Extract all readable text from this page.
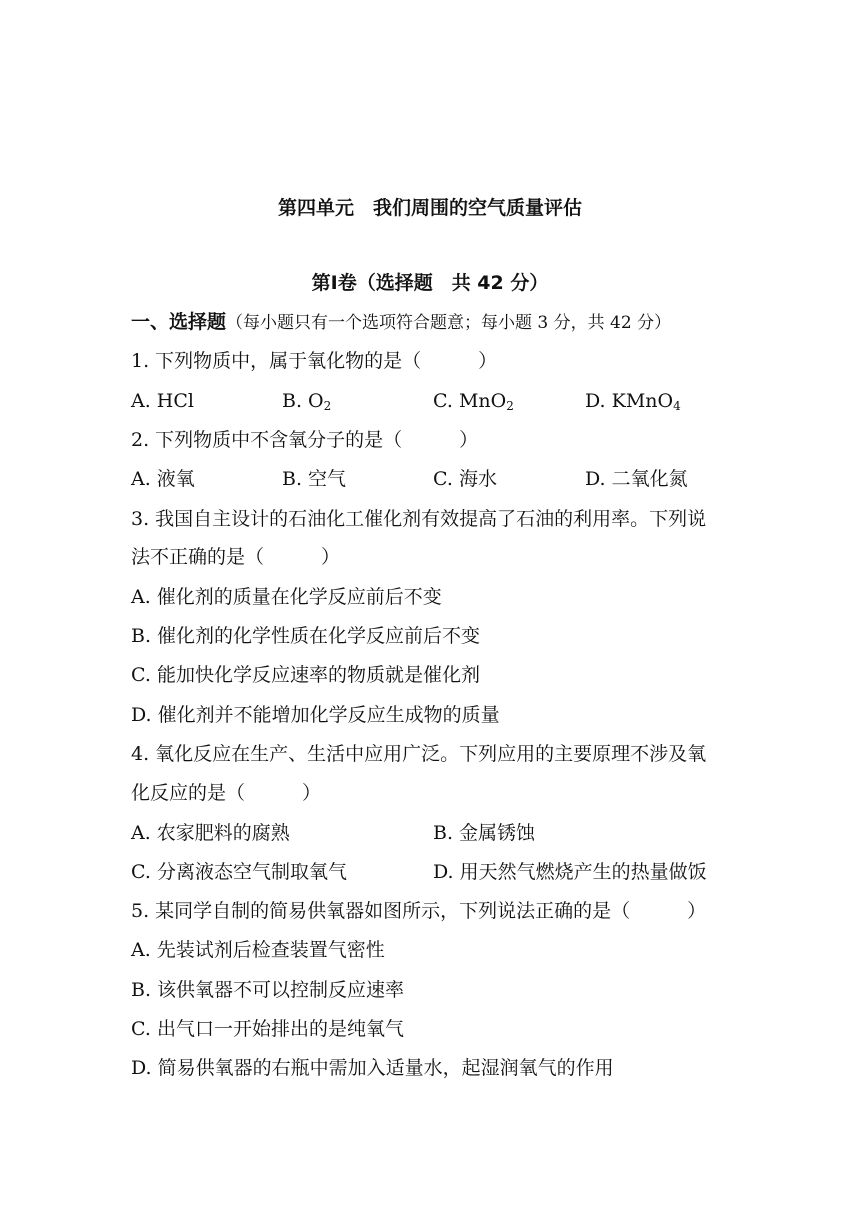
第四单元　我们周围的空气质量评估
第Ⅰ卷（选择题　共 42 分）
一、选择题（每小题只有一个选项符合题意；每小题 3 分，共 42 分）
1. 下列物质中，属于氧化物的是（　　　）
A. HCl	B. $O_2$	C. MnO$_2$	D. KMnO$_4$
2. 下列物质中不含氧分子的是（　　　）
A. 液氧	B. 空气	C. 海水	D. 二氧化氮
3. 我国自主设计的石油化工催化剂有效提高了石油的利用率。下列说
法不正确的是（　　　）
A. 催化剂的质量在化学反应前后不变
B. 催化剂的化学性质在化学反应前后不变
C. 能加快化学反应速率的物质就是催化剂
D. 催化剂并不能增加化学反应生成物的质量
4. 氧化反应在生产、生活中应用广泛。下列应用的主要原理不涉及氧
化反应的是（　　　）
A. 农家肥料的腐熟	B. 金属锈蚀
C. 分离液态空气制取氧气	D. 用天然气燃烧产生的热量做饭
5. 某同学自制的简易供氧器如图所示，下列说法正确的是（　　　）
A. 先装试剂后检查装置气密性
B. 该供氧器不可以控制反应速率
C. 出气口一开始排出的是纯氧气
D. 简易供氧器的右瓶中需加入适量水，起湿润氧气的作用
